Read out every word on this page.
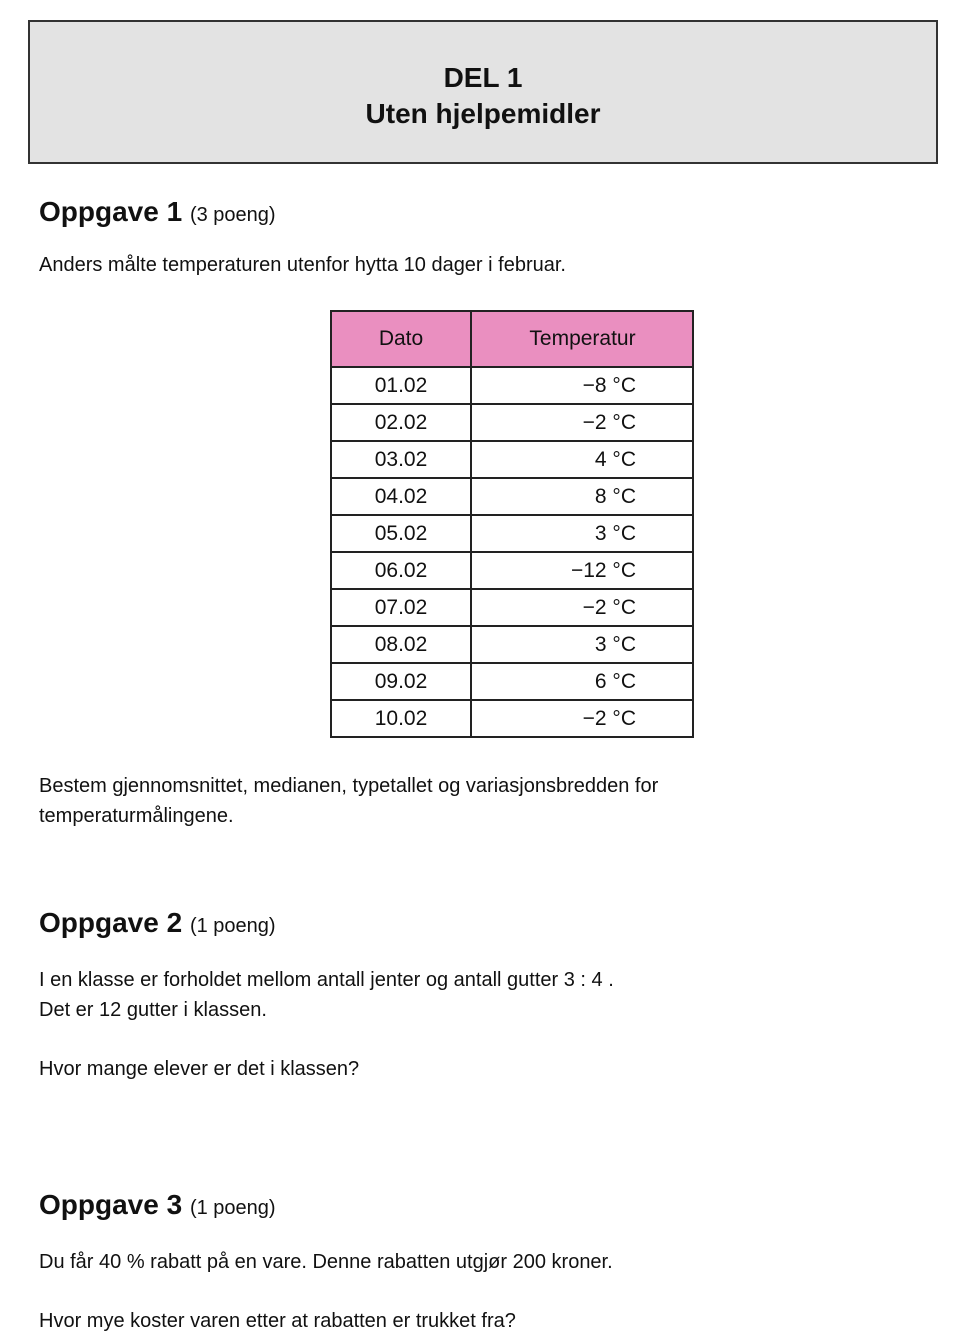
DEL 1
Uten hjelpemidler
Oppgave 1 (3 poeng)
Anders målte temperaturen utenfor hytta 10 dager i februar.
Dato	Temperatur
01.02	−8 °C
02.02	−2 °C
03.02	4 °C
04.02	8 °C
05.02	3 °C
06.02	−12 °C
07.02	−2 °C
08.02	3 °C
09.02	6 °C
10.02	−2 °C
Bestem gjennomsnittet, medianen, typetallet og variasjonsbredden for
temperaturmålingene.
Oppgave 2 (1 poeng)
I en klasse er forholdet mellom antall jenter og antall gutter 3 : 4 .
Det er 12 gutter i klassen.
Hvor mange elever er det i klassen?
Oppgave 3 (1 poeng)
Du får 40 % rabatt på en vare. Denne rabatten utgjør 200 kroner.
Hvor mye koster varen etter at rabatten er trukket fra?
